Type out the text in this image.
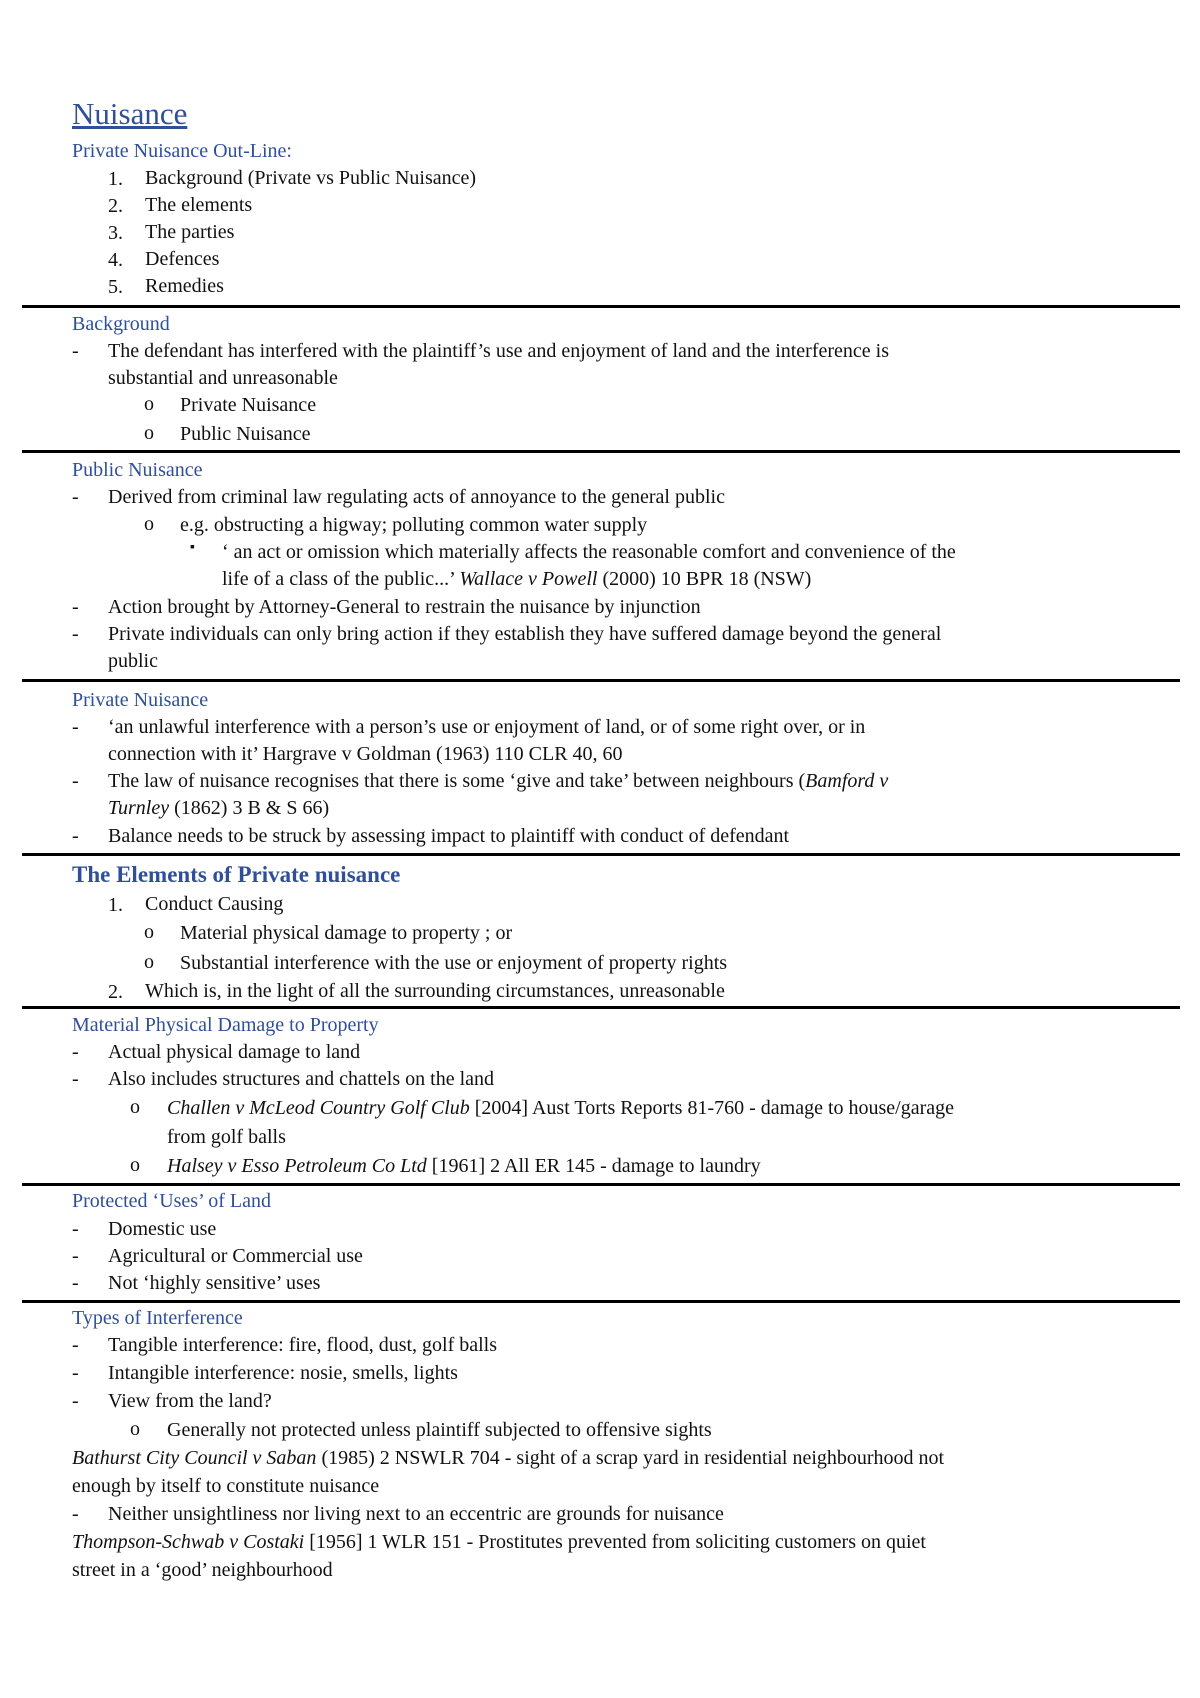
Nuisance
Private Nuisance Out-Line:
1. Background (Private vs Public Nuisance)
2. The elements
3. The parties
4. Defences
5. Remedies
Background
- The defendant has interfered with the plaintiff’s use and enjoyment of land and the interference is
substantial and unreasonable
o Private Nuisance
o Public Nuisance
Public Nuisance
- Derived from criminal law regulating acts of annoyance to the general public
o e.g. obstructing a higway; polluting common water supply
▪ ‘ an act or omission which materially affects the reasonable comfort and convenience of the
life of a class of the public...’ Wallace v Powell (2000) 10 BPR 18 (NSW)
- Action brought by Attorney-General to restrain the nuisance by injunction
- Private individuals can only bring action if they establish they have suffered damage beyond the general
public
Private Nuisance
- ‘an unlawful interference with a person’s use or enjoyment of land, or of some right over, or in
connection with it’ Hargrave v Goldman (1963) 110 CLR 40, 60
- The law of nuisance recognises that there is some ‘give and take’ between neighbours (Bamford v
Turnley (1862) 3 B & S 66)
- Balance needs to be struck by assessing impact to plaintiff with conduct of defendant
The Elements of Private nuisance
1. Conduct Causing
o Material physical damage to property ; or
o Substantial interference with the use or enjoyment of property rights
2. Which is, in the light of all the surrounding circumstances, unreasonable
Material Physical Damage to Property
- Actual physical damage to land
- Also includes structures and chattels on the land
o Challen v McLeod Country Golf Club [2004] Aust Torts Reports 81-760 - damage to house/garage
from golf balls
o Halsey v Esso Petroleum Co Ltd [1961] 2 All ER 145 - damage to laundry
Protected ‘Uses’ of Land
- Domestic use
- Agricultural or Commercial use
- Not ‘highly sensitive’ uses
Types of Interference
- Tangible interference: fire, flood, dust, golf balls
- Intangible interference: nosie, smells, lights
- View from the land?
o Generally not protected unless plaintiff subjected to offensive sights
Bathurst City Council v Saban (1985) 2 NSWLR 704 - sight of a scrap yard in residential neighbourhood not
enough by itself to constitute nuisance
- Neither unsightliness nor living next to an eccentric are grounds for nuisance
Thompson-Schwab v Costaki [1956] 1 WLR 151 - Prostitutes prevented from soliciting customers on quiet
street in a ‘good’ neighbourhood
